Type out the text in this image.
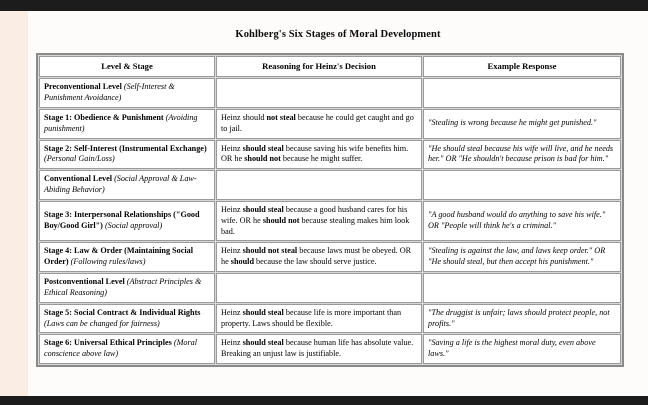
Kohlberg's Six Stages of Moral Development
Level & Stage	Reasoning for Heinz's Decision	Example Response
Preconventional Level (Self-Interest & Punishment Avoidance)		
Stage 1: Obedience & Punishment (Avoiding punishment)	Heinz should not steal because he could get caught and go to jail.	"Stealing is wrong because he might get punished."
Stage 2: Self-Interest (Instrumental Exchange) (Personal Gain/Loss)	Heinz should steal because saving his wife benefits him. OR he should not because he might suffer.	"He should steal because his wife will live, and he needs her." OR "He shouldn't because prison is bad for him."
Conventional Level (Social Approval & Law-Abiding Behavior)		
Stage 3: Interpersonal Relationships ("Good Boy/Good Girl") (Social approval)	Heinz should steal because a good husband cares for his wife. OR he should not because stealing makes him look bad.	"A good husband would do anything to save his wife." OR "People will think he's a criminal."
Stage 4: Law & Order (Maintaining Social Order) (Following rules/laws)	Heinz should not steal because laws must be obeyed. OR he should because the law should serve justice.	"Stealing is against the law, and laws keep order." OR "He should steal, but then accept his punishment."
Postconventional Level (Abstract Principles & Ethical Reasoning)		
Stage 5: Social Contract & Individual Rights (Laws can be changed for fairness)	Heinz should steal because life is more important than property. Laws should be flexible.	"The druggist is unfair; laws should protect people, not profits."
Stage 6: Universal Ethical Principles (Moral conscience above law)	Heinz should steal because human life has absolute value. Breaking an unjust law is justifiable.	"Saving a life is the highest moral duty, even above laws."
